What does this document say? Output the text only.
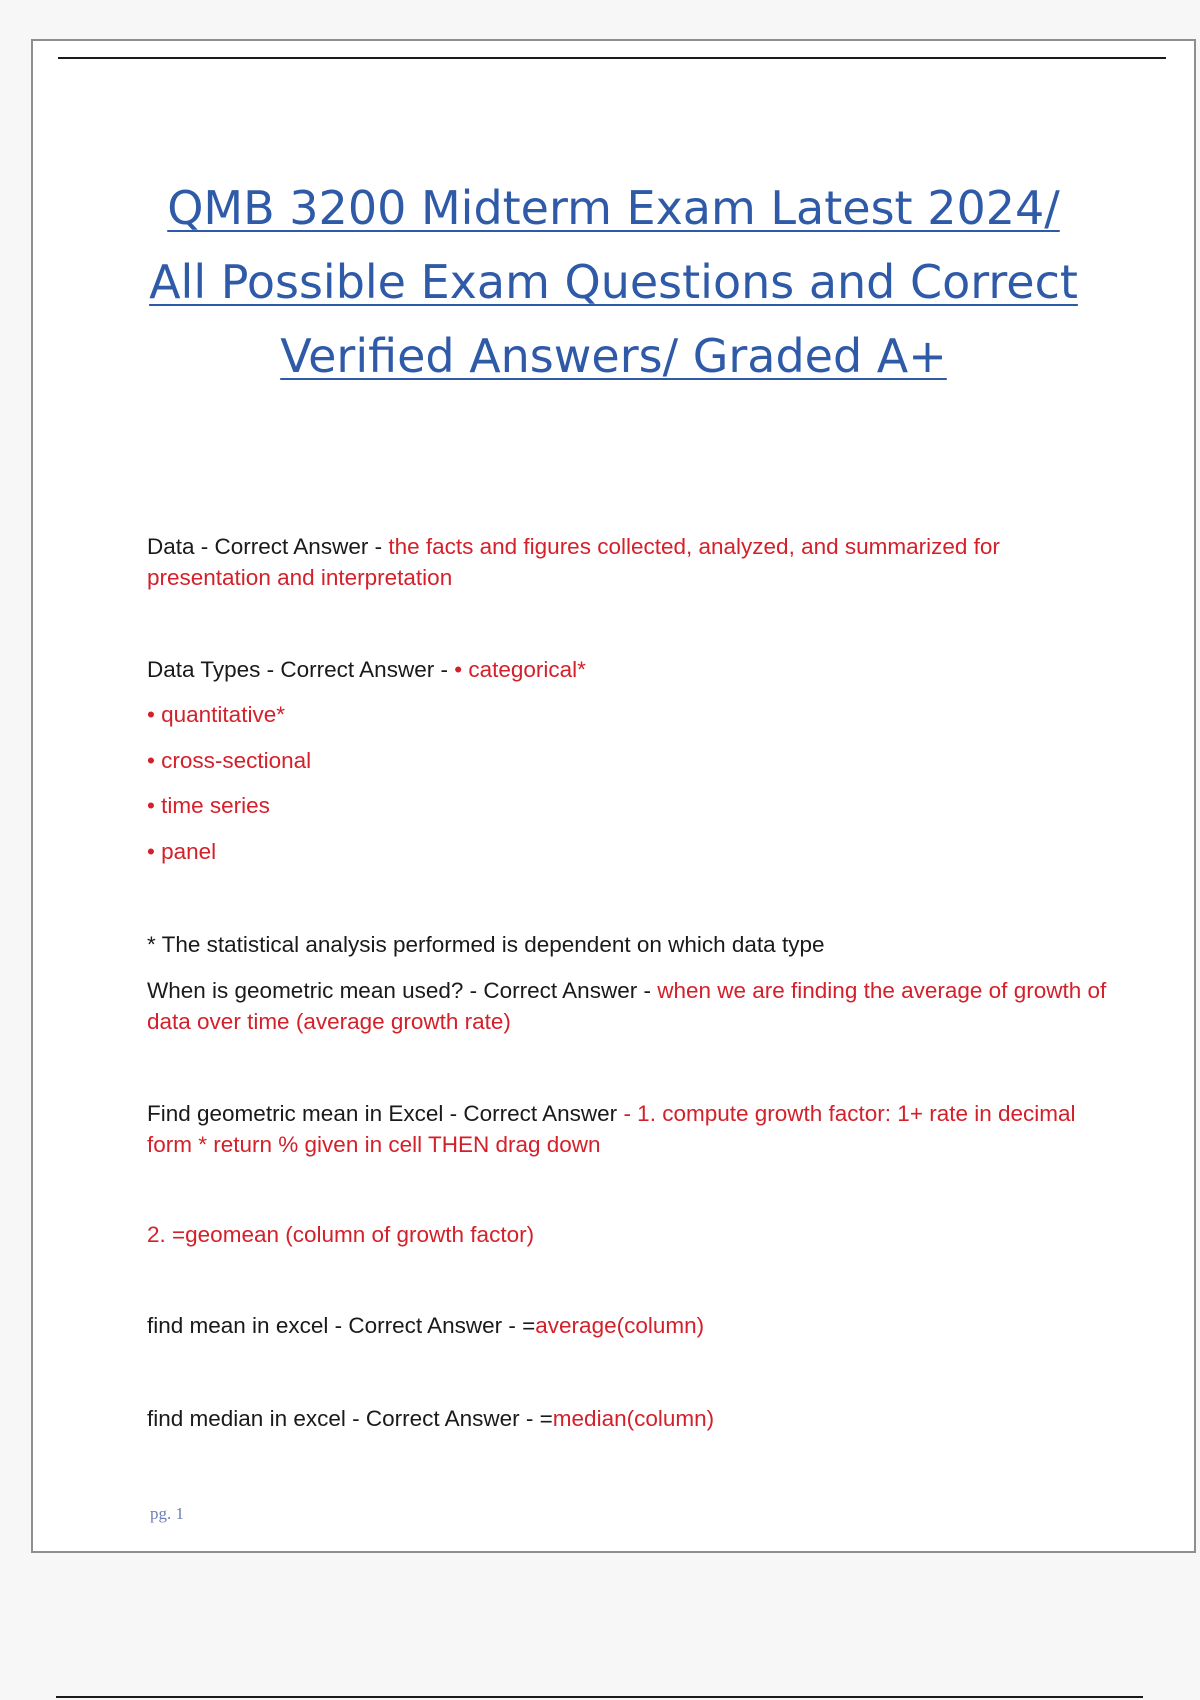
QMB 3200 Midterm Exam Latest 2024/
All Possible Exam Questions and Correct
Verified Answers/ Graded A+
Data - Correct Answer - the facts and figures collected, analyzed, and summarized for presentation and interpretation
Data Types - Correct Answer - • categorical*
• quantitative*
• cross-sectional
• time series
• panel
* The statistical analysis performed is dependent on which data type
When is geometric mean used? - Correct Answer - when we are finding the average of growth of data over time (average growth rate)
Find geometric mean in Excel - Correct Answer - 1. compute growth factor: 1+ rate in decimal form * return % given in cell THEN drag down
2. =geomean (column of growth factor)
find mean in excel - Correct Answer - =average(column)
find median in excel - Correct Answer - =median(column)
pg. 1
